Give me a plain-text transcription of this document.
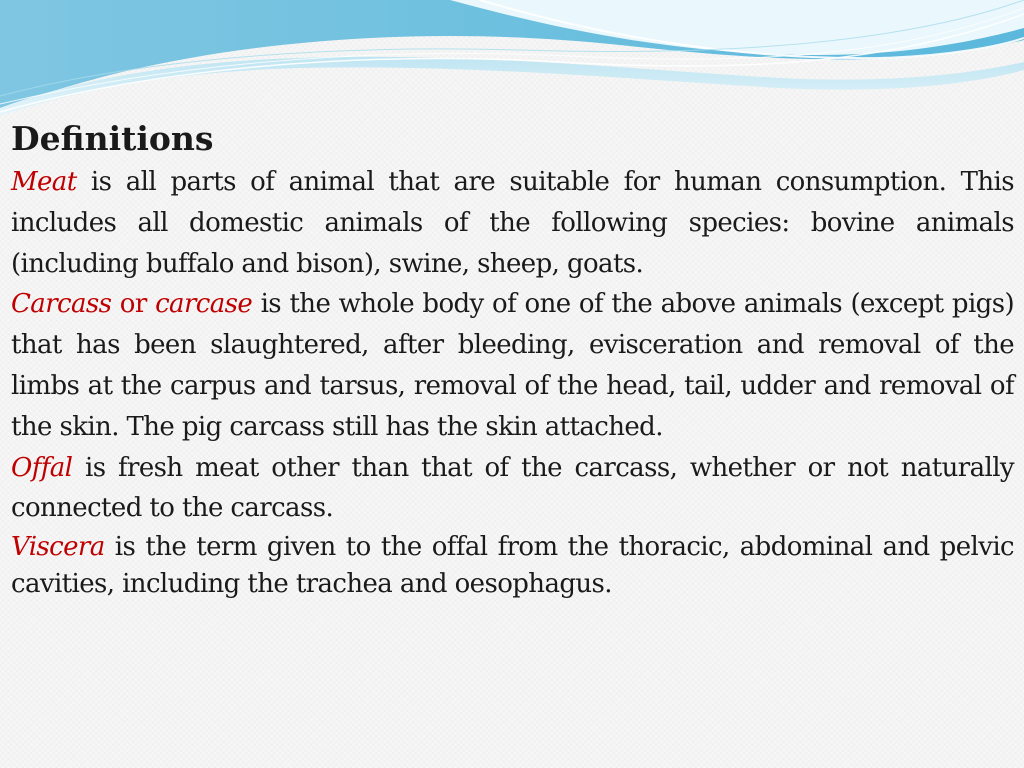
Definitions

Meat is all parts of animal that are suitable for human consumption. This includes all domestic animals of the following species: bovine animals (including buffalo and bison), swine, sheep, goats.

Carcass or carcase is the whole body of one of the above animals (except pigs) that has been slaughtered, after bleeding, evisceration and removal of the limbs at the carpus and tarsus, removal of the head, tail, udder and removal of the skin. The pig carcass still has the skin attached.

Offal is fresh meat other than that of the carcass, whether or not naturally connected to the carcass.

Viscera is the term given to the offal from the thoracic, abdominal and pelvic cavities, including the trachea and oesophagus.
